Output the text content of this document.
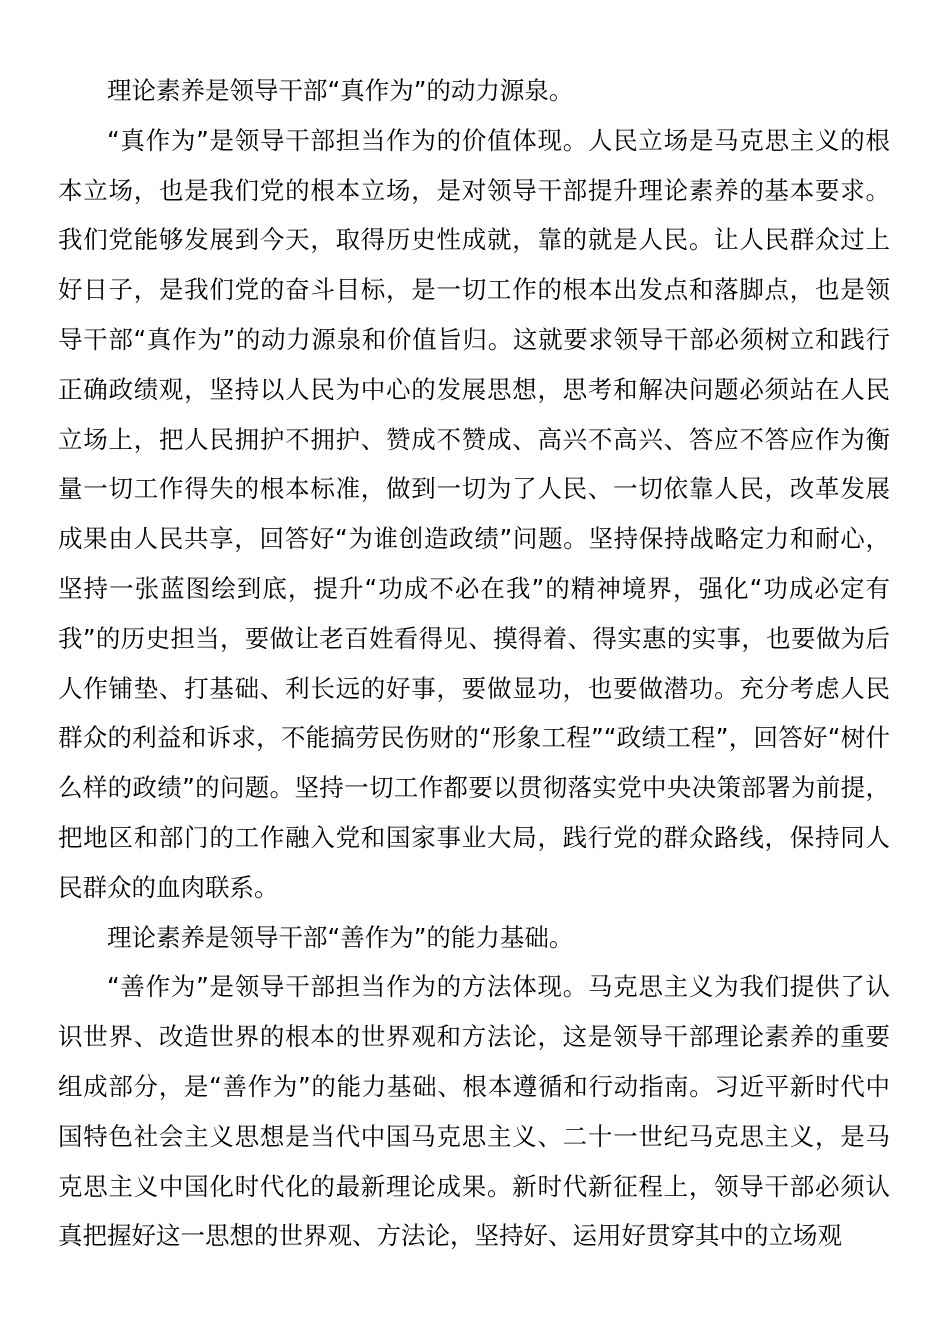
理论素养是领导干部“真作为”的动力源泉。

“真作为”是领导干部担当作为的价值体现。人民立场是马克思主义的根本立场，也是我们党的根本立场，是对领导干部提升理论素养的基本要求。我们党能够发展到今天，取得历史性成就，靠的就是人民。让人民群众过上好日子，是我们党的奋斗目标，是一切工作的根本出发点和落脚点，也是领导干部“真作为”的动力源泉和价值旨归。这就要求领导干部必须树立和践行正确政绩观，坚持以人民为中心的发展思想，思考和解决问题必须站在人民立场上，把人民拥护不拥护、赞成不赞成、高兴不高兴、答应不答应作为衡量一切工作得失的根本标准，做到一切为了人民、一切依靠人民，改革发展成果由人民共享，回答好“为谁创造政绩”问题。坚持保持战略定力和耐心，坚持一张蓝图绘到底，提升“功成不必在我”的精神境界，强化“功成必定有我”的历史担当，要做让老百姓看得见、摸得着、得实惠的实事，也要做为后人作铺垫、打基础、利长远的好事，要做显功，也要做潜功。充分考虑人民群众的利益和诉求，不能搞劳民伤财的“形象工程”“政绩工程”，回答好“树什么样的政绩”的问题。坚持一切工作都要以贯彻落实党中央决策部署为前提，把地区和部门的工作融入党和国家事业大局，践行党的群众路线，保持同人民群众的血肉联系。

理论素养是领导干部“善作为”的能力基础。

“善作为”是领导干部担当作为的方法体现。马克思主义为我们提供了认识世界、改造世界的根本的世界观和方法论，这是领导干部理论素养的重要组成部分，是“善作为”的能力基础、根本遵循和行动指南。习近平新时代中国特色社会主义思想是当代中国马克思主义、二十一世纪马克思主义，是马克思主义中国化时代化的最新理论成果。新时代新征程上，领导干部必须认真把握好这一思想的世界观、方法论，坚持好、运用好贯穿其中的立场观
